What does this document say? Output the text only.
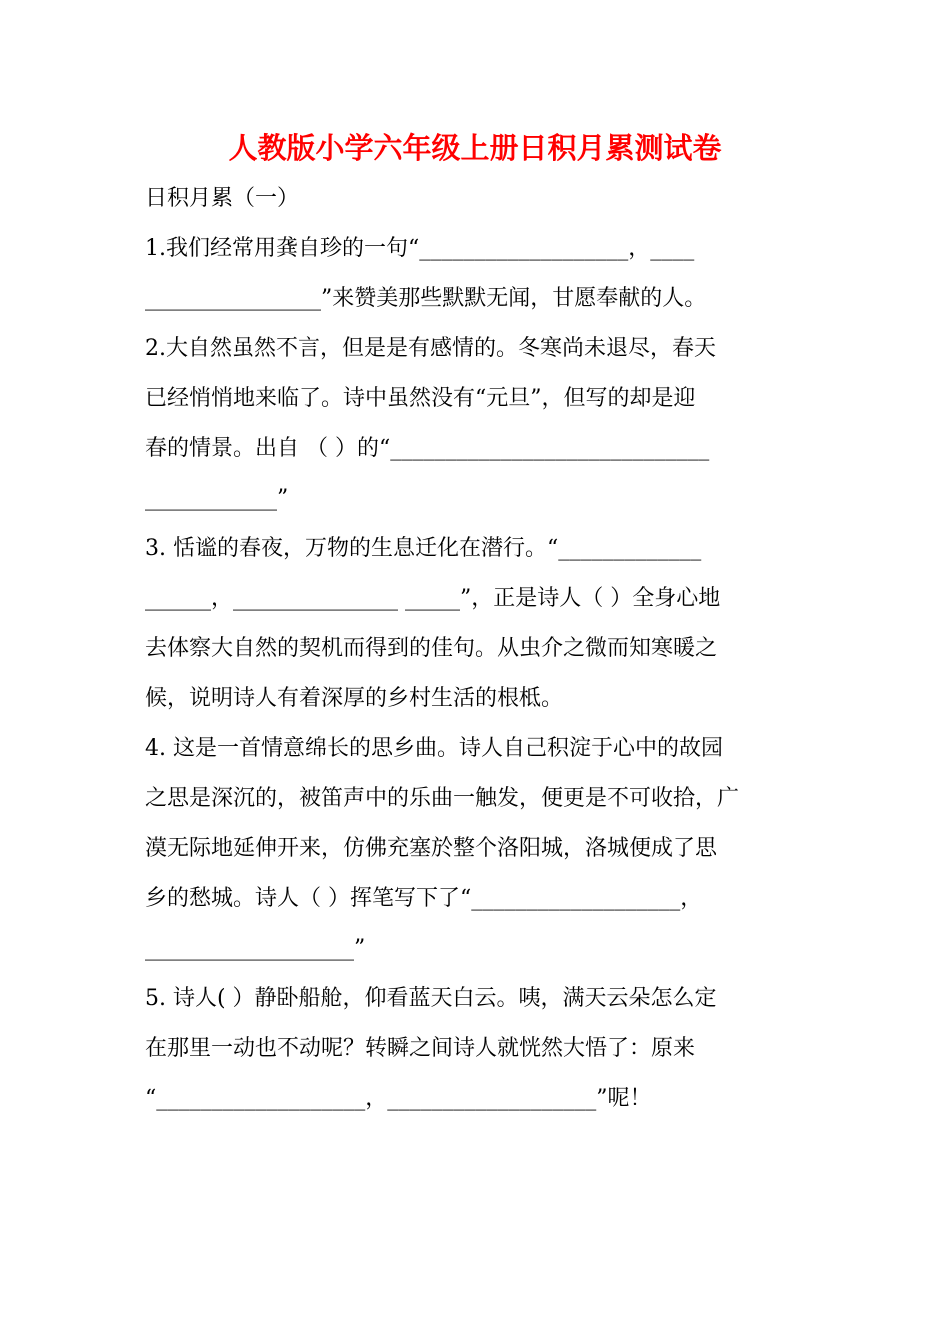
人教版小学六年级上册日积月累测试卷
日积月累（一）
1.我们经常用龚自珍的一句“___________________，____
________________”来赞美那些默默无闻，甘愿奉献的人。
2.大自然虽然不言，但是是有感情的。冬寒尚未退尽，春天
已经悄悄地来临了。诗中虽然没有“元旦”，但写的却是迎
春的情景。出自 （ ）的“_____________________________
____________”
3. 恬谧的春夜，万物的生息迁化在潜行。“_____________
______，_______________ _____”，正是诗人（ ）全身心地
去体察大自然的契机而得到的佳句。从虫介之微而知寒暖之
候，说明诗人有着深厚的乡村生活的根柢。
4. 这是一首情意绵长的思乡曲。诗人自己积淀于心中的故园
之思是深沉的，被笛声中的乐曲一触发，便更是不可收拾，广
漠无际地延伸开来，仿佛充塞於整个洛阳城，洛城便成了思
乡的愁城。诗人（ ）挥笔写下了“___________________，
___________________”
5. 诗人( ）静卧船舱，仰看蓝天白云。咦，满天云朵怎么定
在那里一动也不动呢？转瞬之间诗人就恍然大悟了：原来
“___________________，___________________”呢！
